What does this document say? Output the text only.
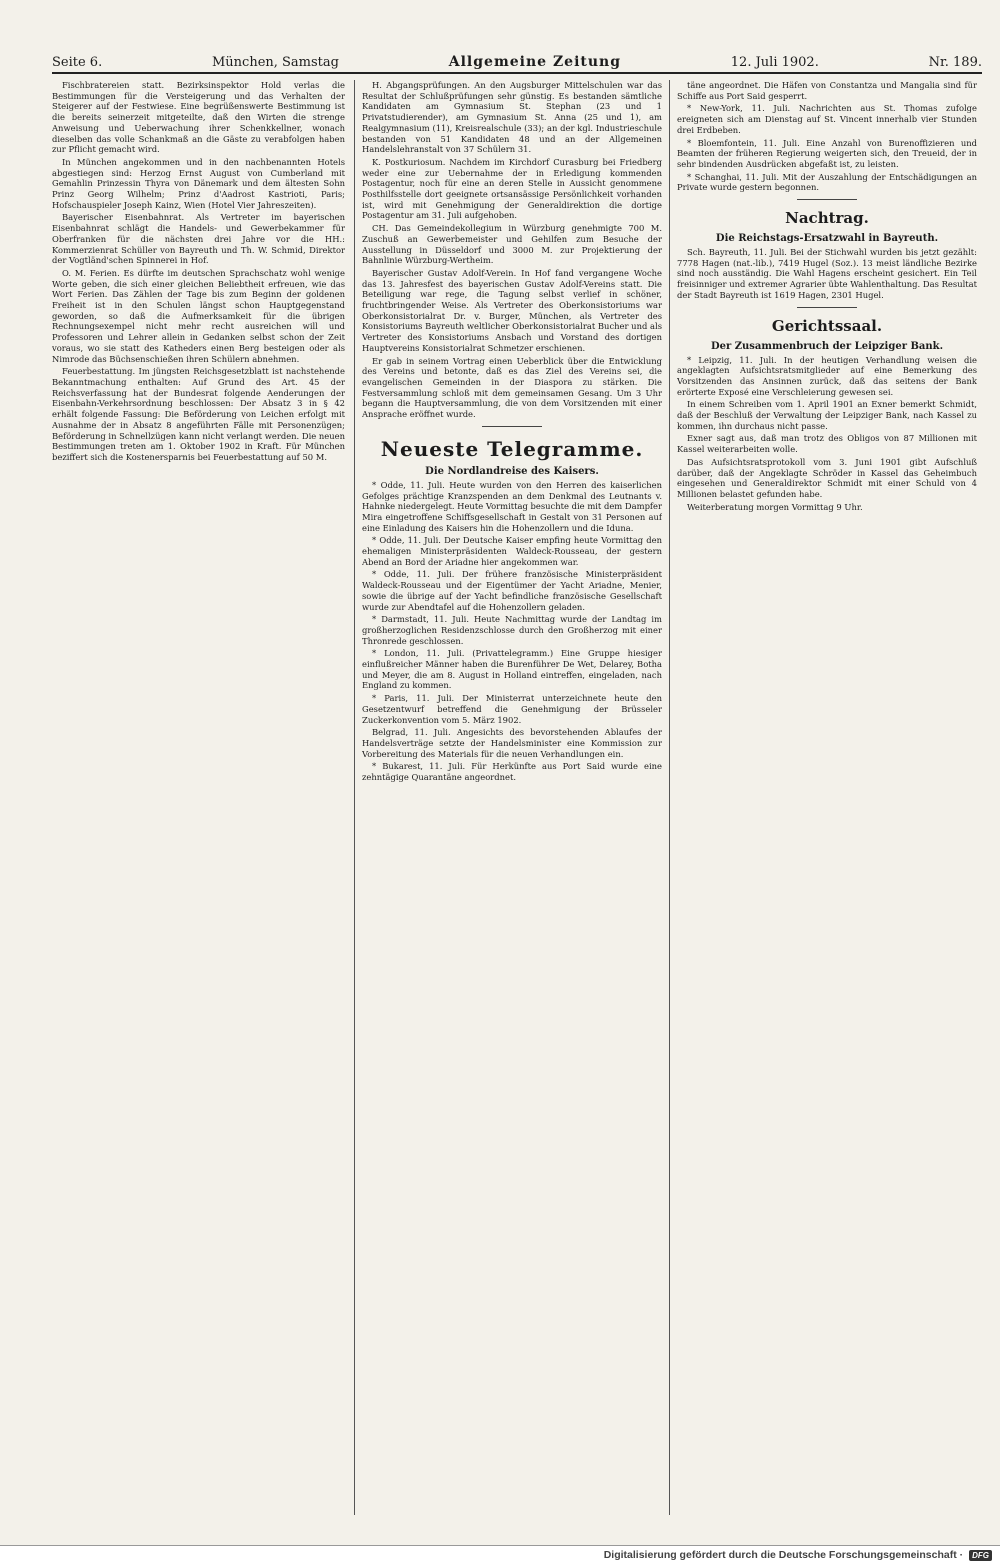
Seite 6.	München, Samstag	Allgemeine Zeitung	12. Juli 1902.	Nr. 189.

Fischbratereien statt. Bezirksinspektor Hold verlas die Bestimmungen für die Versteigerung und das Verhalten der Steigerer auf der Festwiese. Eine begrüßenswerte Bestimmung ist die bereits seinerzeit mitgeteilte, daß den Wirten die strenge Anweisung und Ueberwachung ihrer Schenkkellner, wonach dieselben das volle Schankmaß an die Gäste zu verabfolgen haben zur Pflicht gemacht wird.

In München angekommen und in den nachbenannten Hotels abgestiegen sind: Herzog Ernst August von Cumberland mit Gemahlin Prinzessin Thyra von Dänemark und dem ältesten Sohn Prinz Georg Wilhelm; Prinz d'Aadrost Kastrioti, Paris; Hofschauspieler Joseph Kainz, Wien (Hotel Vier Jahreszeiten).

Bayerischer Eisenbahnrat. Als Vertreter im bayerischen Eisenbahnrat schlägt die Handels- und Gewerbekammer für Oberfranken für die nächsten drei Jahre vor die HH.: Kommerzienrat Schüller von Bayreuth und Th. W. Schmid, Direktor der Vogtländ'schen Spinnerei in Hof.

O. M. Ferien. Es dürfte im deutschen Sprachschatz wohl wenige Worte geben, die sich einer gleichen Beliebtheit erfreuen, wie das Wort Ferien. Das Zählen der Tage bis zum Beginn der goldenen Freiheit ist in den Schulen längst schon Hauptgegenstand geworden, so daß die Aufmerksamkeit für die übrigen Rechnungsexempel nicht mehr recht ausreichen will und Professoren und Lehrer allein in Gedanken selbst schon der Zeit voraus, wo sie statt des Katheders einen Berg besteigen oder als Nimrode das Büchsenschießen ihren Schülern abnehmen.

Feuerbestattung. Im jüngsten Reichsgesetzblatt ist nachstehende Bekanntmachung enthalten: Auf Grund des Art. 45 der Reichsverfassung hat der Bundesrat folgende Aenderungen der Eisenbahn-Verkehrsordnung beschlossen: Der Absatz 3 in § 42 erhält folgende Fassung: Die Beförderung von Leichen erfolgt mit Ausnahme der in Absatz 8 angeführten Fälle mit Personenzügen; Beförderung in Schnellzügen kann nicht verlangt werden. Die neuen Bestimmungen treten am 1. Oktober 1902 in Kraft. Für München beziffert sich die Kostenersparnis bei Feuerbestattung auf 50 M.

H. Abgangsprüfungen. An den Augsburger Mittelschulen war das Resultat der Schlußprüfungen sehr günstig. Es bestanden sämtliche Kandidaten am Gymnasium St. Stephan (23 und 1 Privatstudierender), am Gymnasium St. Anna (25 und 1), am Realgymnasium (11), Kreisrealschule (33); an der kgl. Industrieschule bestanden von 51 Kandidaten 48 und an der Allgemeinen Handelslehranstalt von 37 Schülern 31.

K. Postkuriosum. Nachdem im Kirchdorf Curasburg bei Friedberg weder eine zur Uebernahme der in Erledigung kommenden Postagentur, noch für eine an deren Stelle in Aussicht genommene Posthilfsstelle dort geeignete ortsansässige Persönlichkeit vorhanden ist, wird mit Genehmigung der Generaldirektion die dortige Postagentur am 31. Juli aufgehoben.

CH. Das Gemeindekollegium in Würzburg genehmigte 700 M. Zuschuß an Gewerbemeister und Gehilfen zum Besuche der Ausstellung in Düsseldorf und 3000 M. zur Projektierung der Bahnlinie Würzburg-Wertheim.

Bayerischer Gustav Adolf-Verein. In Hof fand vergangene Woche das 13. Jahresfest des bayerischen Gustav Adolf-Vereins statt. Die Beteiligung war rege, die Tagung selbst verlief in schöner, fruchtbringender Weise. Als Vertreter des Oberkonsistoriums war Oberkonsistorialrat Dr. v. Burger, München, als Vertreter des Konsistoriums Bayreuth weltlicher Oberkonsistorialrat Bucher und als Vertreter des Konsistoriums Ansbach und Vorstand des dortigen Hauptvereins Konsistorialrat Schmetzer erschienen.

Er gab in seinem Vortrag einen Ueberblick über die Entwicklung des Vereins und betonte, daß es das Ziel des Vereins sei, die evangelischen Gemeinden in der Diaspora zu stärken. Die Festversammlung schloß mit dem gemeinsamen Gesang. Um 3 Uhr begann die Hauptversammlung, die von dem Vorsitzenden mit einer Ansprache eröffnet wurde.

Neueste Telegramme.
Die Nordlandreise des Kaisers.

* Odde, 11. Juli. Heute wurden von den Herren des kaiserlichen Gefolges prächtige Kranzspenden an dem Denkmal des Leutnants v. Hahnke niedergelegt. Heute Vormittag besuchte die mit dem Dampfer Mira eingetroffene Schiffsgesellschaft in Gestalt von 31 Personen auf eine Einladung des Kaisers hin die Hohenzollern und die Iduna.

* Odde, 11. Juli. Der Deutsche Kaiser empfing heute Vormittag den ehemaligen Ministerpräsidenten Waldeck-Rousseau, der gestern Abend an Bord der Ariadne hier angekommen war.

* Odde, 11. Juli. Der frühere französische Ministerpräsident Waldeck-Rousseau und der Eigentümer der Yacht Ariadne, Menier, sowie die übrige auf der Yacht befindliche französische Gesellschaft wurde zur Abendtafel auf die Hohenzollern geladen.

* Darmstadt, 11. Juli. Heute Nachmittag wurde der Landtag im großherzoglichen Residenzschlosse durch den Großherzog mit einer Thronrede geschlossen.

* London, 11. Juli. (Privattelegramm.) Eine Gruppe hiesiger einflußreicher Männer haben die Burenführer De Wet, Delarey, Botha und Meyer, die am 8. August in Holland eintreffen, eingeladen, nach England zu kommen.

* Paris, 11. Juli. Der Ministerrat unterzeichnete heute den Gesetzentwurf betreffend die Genehmigung der Brüsseler Zuckerkonvention vom 5. März 1902.

Belgrad, 11. Juli. Angesichts des bevorstehenden Ablaufes der Handelsverträge setzte der Handelsminister eine Kommission zur Vorbereitung des Materials für die neuen Verhandlungen ein.

* Bukarest, 11. Juli. Für Herkünfte aus Port Said wurde eine zehntägige Quarantäne angeordnet.

täne angeordnet. Die Häfen von Constantza und Mangalia sind für Schiffe aus Port Said gesperrt.

* New-York, 11. Juli. Nachrichten aus St. Thomas zufolge ereigneten sich am Dienstag auf St. Vincent innerhalb vier Stunden drei Erdbeben.

* Bloemfontein, 11. Juli. Eine Anzahl von Burenoffizieren und Beamten der früheren Regierung weigerten sich, den Treueid, der in sehr bindenden Ausdrücken abgefaßt ist, zu leisten.

* Schanghai, 11. Juli. Mit der Auszahlung der Entschädigungen an Private wurde gestern begonnen.

Nachtrag.
Die Reichstags-Ersatzwahl in Bayreuth.

Sch. Bayreuth, 11. Juli. Bei der Stichwahl wurden bis jetzt gezählt: 7778 Hagen (nat.-lib.), 7419 Hugel (Soz.). 13 meist ländliche Bezirke sind noch ausständig. Die Wahl Hagens erscheint gesichert. Ein Teil freisinniger und extremer Agrarier übte Wahlenthaltung. Das Resultat der Stadt Bayreuth ist 1619 Hagen, 2301 Hugel.

Gerichtssaal.
Der Zusammenbruch der Leipziger Bank.

* Leipzig, 11. Juli. In der heutigen Verhandlung weisen die angeklagten Aufsichtsratsmitglieder auf eine Bemerkung des Vorsitzenden das Ansinnen zurück, daß das seitens der Bank erörterte Exposé eine Verschleierung gewesen sei.

In einem Schreiben vom 1. April 1901 an Exner bemerkt Schmidt, daß der Beschluß der Verwaltung der Leipziger Bank, nach Kassel zu kommen, ihn durchaus nicht passe.

Exner sagt aus, daß man trotz des Obligos von 87 Millionen mit Kassel weiterarbeiten wolle.

Das Aufsichtsratsprotokoll vom 3. Juni 1901 gibt Aufschluß darüber, daß der Angeklagte Schröder in Kassel das Geheimbuch eingesehen und Generaldirektor Schmidt mit einer Schuld von 4 Millionen belastet gefunden habe.

Weiterberatung morgen Vormittag 9 Uhr.

Digitalisierung gefördert durch die Deutsche Forschungsgemeinschaft ·	DFG
